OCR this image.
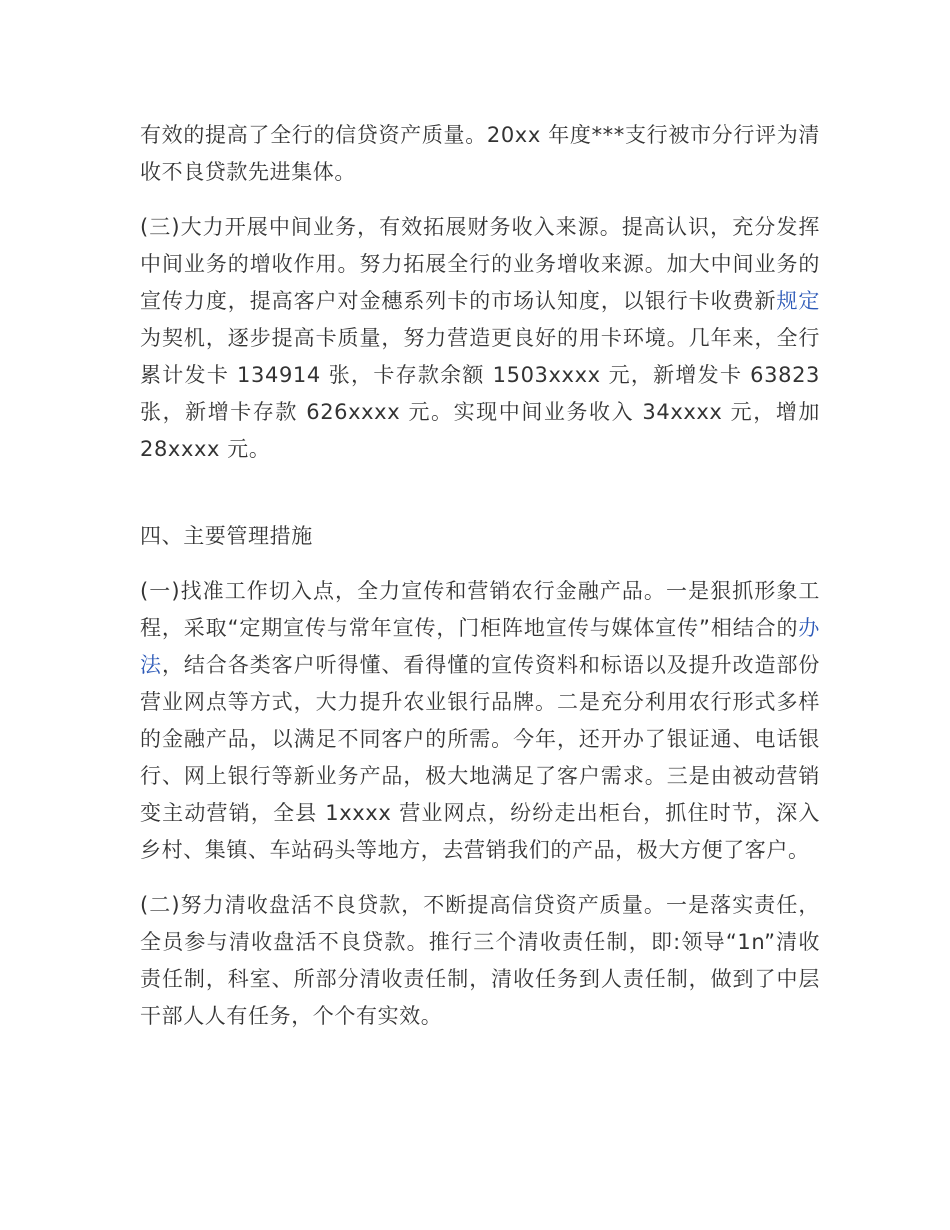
有效的提高了全行的信贷资产质量。20xx 年度***支行被市分行评为清收不良贷款先进集体。

(三)大力开展中间业务，有效拓展财务收入来源。提高认识，充分发挥中间业务的增收作用。努力拓展全行的业务增收来源。加大中间业务的宣传力度，提高客户对金穗系列卡的市场认知度，以银行卡收费新规定为契机，逐步提高卡质量，努力营造更良好的用卡环境。几年来，全行累计发卡 134914 张，卡存款余额 1503xxxx 元，新增发卡 63823 张，新增卡存款 626xxxx 元。实现中间业务收入 34xxxx 元，增加 28xxxx 元。

四、主要管理措施

(一)找准工作切入点，全力宣传和营销农行金融产品。一是狠抓形象工程，采取“定期宣传与常年宣传，门柜阵地宣传与媒体宣传”相结合的办法，结合各类客户听得懂、看得懂的宣传资料和标语以及提升改造部份营业网点等方式，大力提升农业银行品牌。二是充分利用农行形式多样的金融产品，以满足不同客户的所需。今年，还开办了银证通、电话银行、网上银行等新业务产品，极大地满足了客户需求。三是由被动营销变主动营销，全县 1xxxx 营业网点，纷纷走出柜台，抓住时节，深入乡村、集镇、车站码头等地方，去营销我们的产品，极大方便了客户。

(二)努力清收盘活不良贷款，不断提高信贷资产质量。一是落实责任，全员参与清收盘活不良贷款。推行三个清收责任制，即:领导“1n”清收责任制，科室、所部分清收责任制，清收任务到人责任制，做到了中层干部人人有任务，个个有实效。
